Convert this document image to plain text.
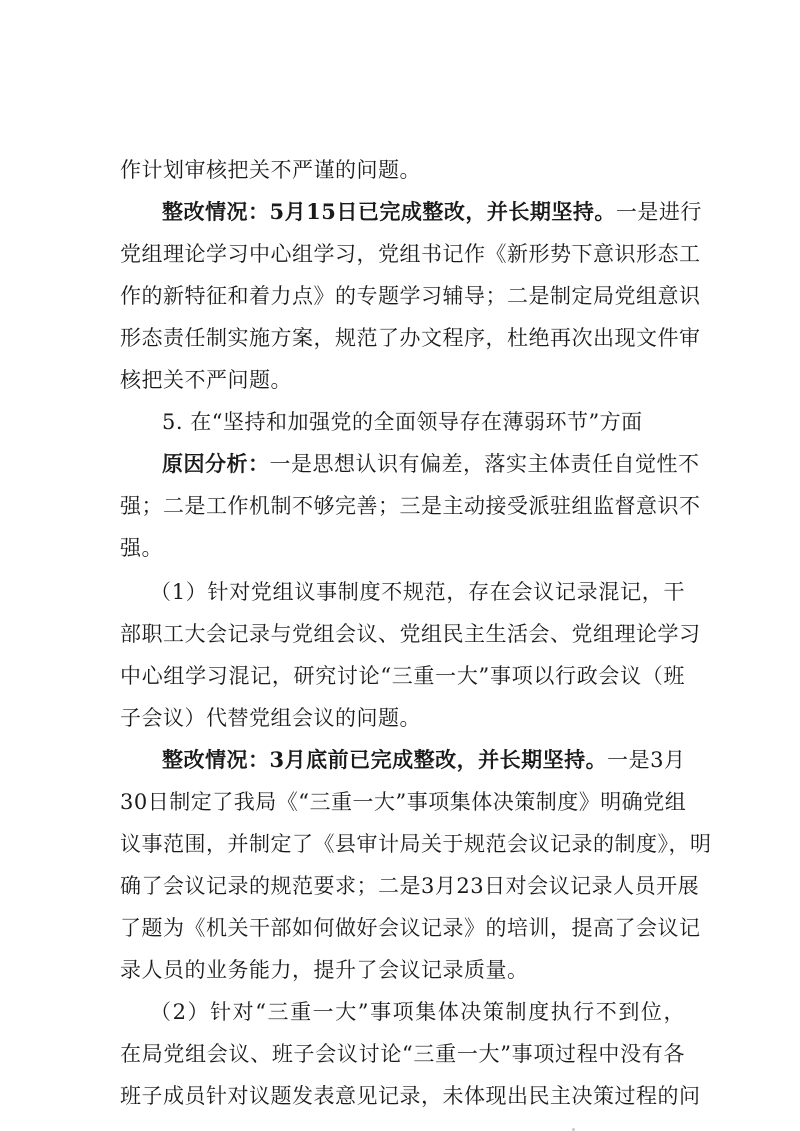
作计划审核把关不严谨的问题。
整改情况：5月15日已完成整改，并长期坚持。一是进行
党组理论学习中心组学习，党组书记作《新形势下意识形态工
作的新特征和着力点》的专题学习辅导；二是制定局党组意识
形态责任制实施方案，规范了办文程序，杜绝再次出现文件审
核把关不严问题。
5. 在“坚持和加强党的全面领导存在薄弱环节”方面
原因分析：一是思想认识有偏差，落实主体责任自觉性不
强；二是工作机制不够完善；三是主动接受派驻组监督意识不
强。
（1）针对党组议事制度不规范，存在会议记录混记，干
部职工大会记录与党组会议、党组民主生活会、党组理论学习
中心组学习混记，研究讨论“三重一大”事项以行政会议（班
子会议）代替党组会议的问题。
整改情况：3月底前已完成整改，并长期坚持。一是3月
30日制定了我局《“三重一大”事项集体决策制度》明确党组
议事范围，并制定了《县审计局关于规范会议记录的制度》，明
确了会议记录的规范要求；二是3月23日对会议记录人员开展
了题为《机关干部如何做好会议记录》的培训，提高了会议记
录人员的业务能力，提升了会议记录质量。
（2）针对“三重一大”事项集体决策制度执行不到位，
在局党组会议、班子会议讨论“三重一大”事项过程中没有各
班子成员针对议题发表意见记录，未体现出民主决策过程的问
